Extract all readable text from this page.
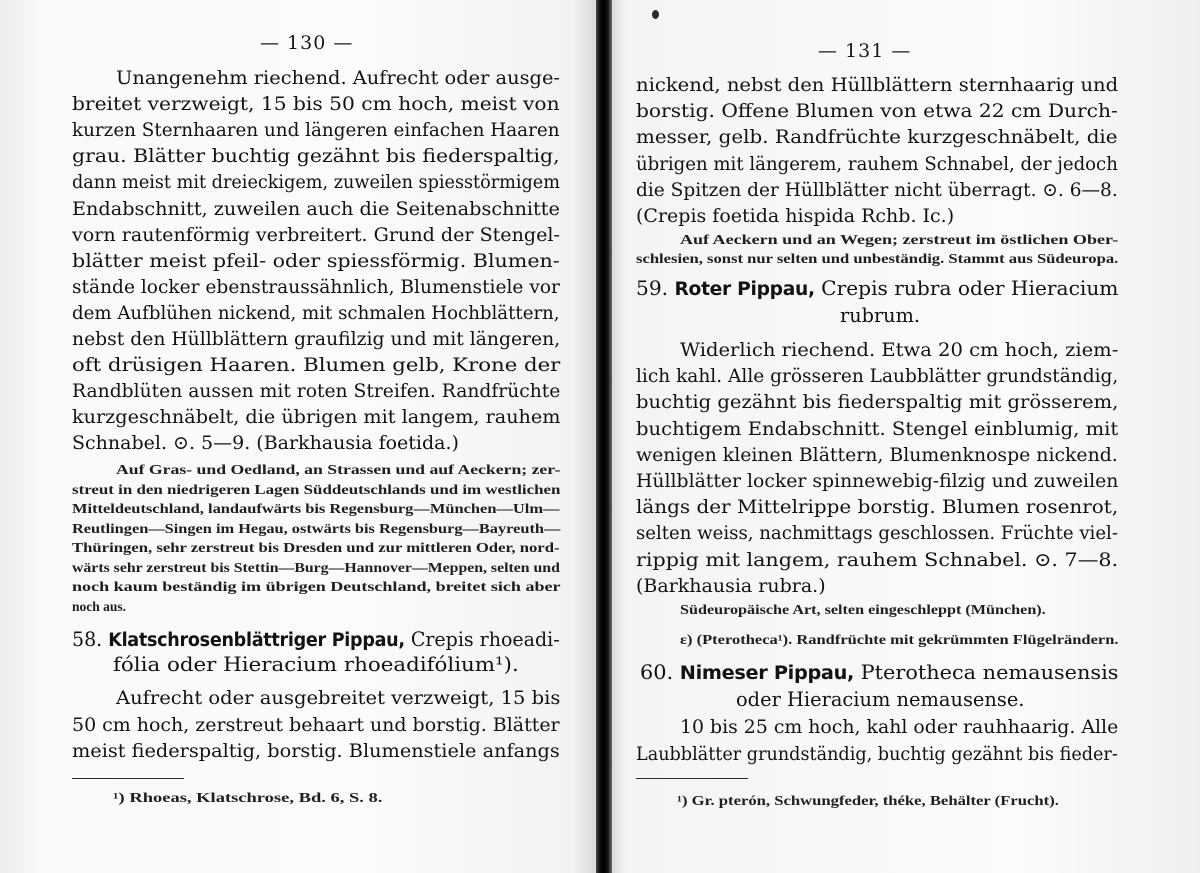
— 130 —
Unangenehm riechend. Aufrecht oder ausge-
breitet verzweigt, 15 bis 50 cm hoch, meist von
kurzen Sternhaaren und längeren einfachen Haaren
grau. Blätter buchtig gezähnt bis fiederspaltig,
dann meist mit dreieckigem, zuweilen spiesstörmigem
Endabschnitt, zuweilen auch die Seitenabschnitte
vorn rautenförmig verbreitert. Grund der Stengel-
blätter meist pfeil- oder spiessförmig. Blumen-
stände locker ebenstraussähnlich, Blumenstiele vor
dem Aufblühen nickend, mit schmalen Hochblättern,
nebst den Hüllblättern graufilzig und mit längeren,
oft drüsigen Haaren. Blumen gelb, Krone der
Randblüten aussen mit roten Streifen. Randfrüchte
kurzgeschnäbelt, die übrigen mit langem, rauhem
Schnabel. ⊙. 5—9. (Barkhausia foetida.)
Auf Gras- und Oedland, an Strassen und auf Aeckern; zer-
streut in den niedrigeren Lagen Süddeutschlands und im westlichen
Mitteldeutschland, landaufwärts bis Regensburg—München—Ulm—
Reutlingen—Singen im Hegau, ostwärts bis Regensburg—Bayreuth—
Thüringen, sehr zerstreut bis Dresden und zur mittleren Oder, nord-
wärts sehr zerstreut bis Stettin—Burg—Hannover—Meppen, selten und
noch kaum beständig im übrigen Deutschland, breitet sich aber
noch aus.
58. Klatschrosenblättriger Pippau, Crepis rhoeadi-
fólia oder Hieracium rhoeadifólium¹).
Aufrecht oder ausgebreitet verzweigt, 15 bis
50 cm hoch, zerstreut behaart und borstig. Blätter
meist fiederspaltig, borstig. Blumenstiele anfangs
¹) Rhoeas, Klatschrose, Bd. 6, S. 8.
— 131 —
nickend, nebst den Hüllblättern sternhaarig und
borstig. Offene Blumen von etwa 22 cm Durch-
messer, gelb. Randfrüchte kurzgeschnäbelt, die
übrigen mit längerem, rauhem Schnabel, der jedoch
die Spitzen der Hüllblätter nicht überragt. ⊙. 6—8.
(Crepis foetida hispida Rchb. Ic.)
Auf Aeckern und an Wegen; zerstreut im östlichen Ober-
schlesien, sonst nur selten und unbeständig. Stammt aus Südeuropa.
59. Roter Pippau, Crepis rubra oder Hieracium
rubrum.
Widerlich riechend. Etwa 20 cm hoch, ziem-
lich kahl. Alle grösseren Laubblätter grundständig,
buchtig gezähnt bis fiederspaltig mit grösserem,
buchtigem Endabschnitt. Stengel einblumig, mit
wenigen kleinen Blättern, Blumenknospe nickend.
Hüllblätter locker spinnewebig-filzig und zuweilen
längs der Mittelrippe borstig. Blumen rosenrot,
selten weiss, nachmittags geschlossen. Früchte viel-
rippig mit langem, rauhem Schnabel. ⊙. 7—8.
(Barkhausia rubra.)
Südeuropäische Art, selten eingeschleppt (München).
ε) (Pterotheca¹). Randfrüchte mit gekrümmten Flügelrändern.
60. Nimeser Pippau, Pterotheca nemausensis
oder Hieracium nemausense.
10 bis 25 cm hoch, kahl oder rauhhaarig. Alle
Laubblätter grundständig, buchtig gezähnt bis fieder-
¹) Gr. pterón, Schwungfeder, théke, Behälter (Frucht).
